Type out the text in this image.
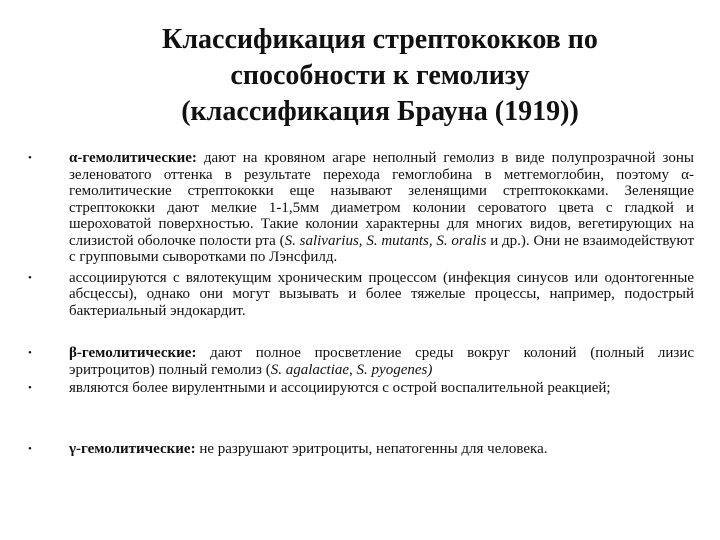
Классификация стрептококков по
способности к гемолизу
(классификация Брауна (1919))
• α-гемолитические: дают на кровяном агаре неполный гемолиз в виде полупрозрачной зоны зеленоватого оттенка в результате перехода гемоглобина в метгемоглобин, поэтому α-гемолитические стрептококки еще называют зеленящими стрептококками. Зеленящие стрептококки дают мелкие 1-1,5мм диаметром колонии сероватого цвета с гладкой и шероховатой поверхностью. Такие колонии характерны для многих видов, вегетирующих на слизистой оболочке полости рта (S. salivarius, S. mutants, S. oralis и др.). Они не взаимодействуют с групповыми сыворотками по Лэнсфилд.
• ассоциируются с вялотекущим хроническим процессом (инфекция синусов или одонтогенные абсцессы), однако они могут вызывать и более тяжелые процессы, например, подострый бактериальный эндокардит.
• β-гемолитические: дают полное просветление среды вокруг колоний (полный лизис эритроцитов) полный гемолиз (S. agalactiae, S. pyogenes)
• являются более вирулентными и ассоциируются с острой воспалительной реакцией;
• γ-гемолитические: не разрушают эритроциты, непатогенны для человека.
